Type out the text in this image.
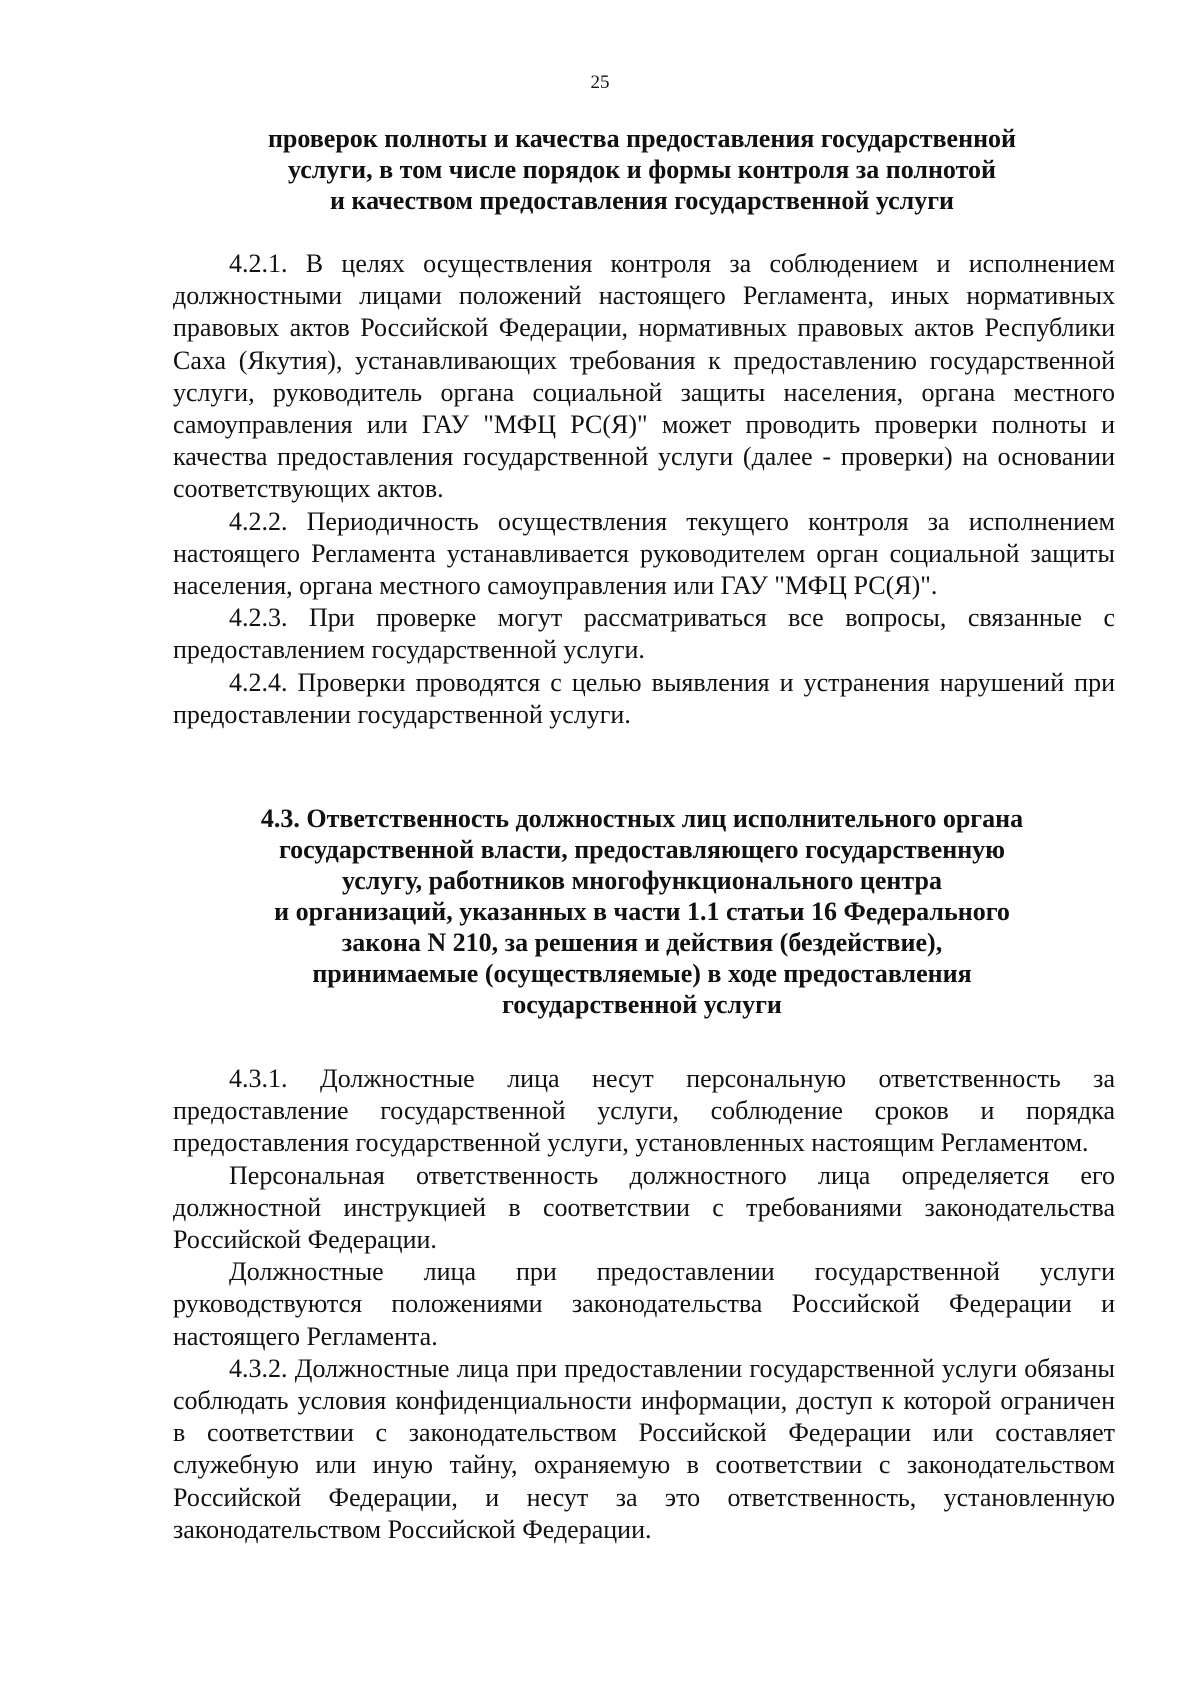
25
проверок полноты и качества предоставления государственной
услуги, в том числе порядок и формы контроля за полнотой
и качеством предоставления государственной услуги

4.2.1. В целях осуществления контроля за соблюдением и исполнением должностными лицами положений настоящего Регламента, иных нормативных правовых актов Российской Федерации, нормативных правовых актов Республики Саха (Якутия), устанавливающих требования к предоставлению государственной услуги, руководитель органа социальной защиты населения, органа местного самоуправления или ГАУ "МФЦ РС(Я)" может проводить проверки полноты и качества предоставления государственной услуги (далее - проверки) на основании соответствующих актов.

4.2.2. Периодичность осуществления текущего контроля за исполнением настоящего Регламента устанавливается руководителем орган социальной защиты населения, органа местного самоуправления или ГАУ "МФЦ РС(Я)".

4.2.3. При проверке могут рассматриваться все вопросы, связанные с предоставлением государственной услуги.

4.2.4. Проверки проводятся с целью выявления и устранения нарушений при предоставлении государственной услуги.

4.3. Ответственность должностных лиц исполнительного органа
государственной власти, предоставляющего государственную
услугу, работников многофункционального центра
и организаций, указанных в части 1.1 статьи 16 Федерального
закона N 210, за решения и действия (бездействие),
принимаемые (осуществляемые) в ходе предоставления
государственной услуги

4.3.1. Должностные лица несут персональную ответственность за предоставление государственной услуги, соблюдение сроков и порядка предоставления государственной услуги, установленных настоящим Регламентом.

Персональная ответственность должностного лица определяется его должностной инструкцией в соответствии с требованиями законодательства Российской Федерации.

Должностные лица при предоставлении государственной услуги руководствуются положениями законодательства Российской Федерации и настоящего Регламента.

4.3.2. Должностные лица при предоставлении государственной услуги обязаны соблюдать условия конфиденциальности информации, доступ к которой ограничен в соответствии с законодательством Российской Федерации или составляет служебную или иную тайну, охраняемую в соответствии с законодательством Российской Федерации, и несут за это ответственность, установленную законодательством Российской Федерации.
